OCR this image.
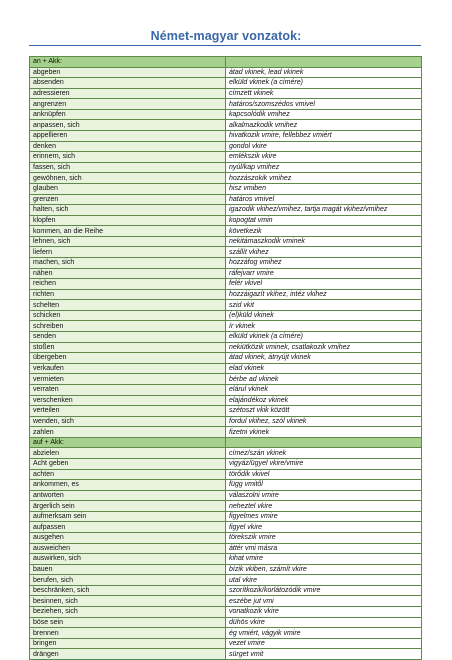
Német-magyar vonzatok:
an + Akk:	
abgeben	átad vkinek, lead vkinek
absenden	elküld vkinek (a címére)
adressieren	címzett vkinek
angrenzen	határos/szomszédos vmivel
anknüpfen	kapcsolódik vmihez
anpassen, sich	alkalmazkodik vmihez
appellieren	hivatkozik vmire, fellebbez vmiért
denken	gondol vkire
erinnern, sich	emlékszik vkire
fassen, sich	nyúl/kap vmihez
gewöhnen, sich	hozzászokik vmihez
glauben	hisz vmiben
grenzen	határos vmivel
halten, sich	igazodik vkihez/vmihez, tartja magát vkihez/vmihez
klopfen	kopogtat vmin
kommen, an die Reihe	következik
lehnen, sich	nekitámaszkodik vminek
liefern	szállít vkihez
machen, sich	hozzáfog vmihez
nähen	ráfejvarr vmire
reichen	felér vkivel
richten	hozzáigazít vkihez, intéz vkihez
schelten	szid vkit
schicken	(el)küld vkinek
schreiben	ír vkinek
senden	elküld vkinek (a címére)
stoßen	nekiütközik vminek, csatlakozik vmihez
übergeben	átad vkinek, átnyújt vkinek
verkaufen	elad vkinek
vermieten	bérbe ad vkinek
verraten	elárul vkinek
verschenken	elajándékoz vkinek
verteilen	szétoszt vkik között
wenden, sich	fordul vkihez, szól vkinek
zahlen	fizetni vkinek
auf + Akk:	
abzielen	címez/szán vkinek
Acht geben	vigyáz/ügyel vkire/vmire
achten	törődik vkivel
ankommen, es	függ vmitől
antworten	válaszolni vmire
ärgerlich sein	neheztel vkire
aufmerksam sein	figyelmes vmire
aufpassen	figyel vkire
ausgehen	törekszik vmire
ausweichen	áttér vmi másra
auswirken, sich	kihat vmire
bauen	bízik vkiben, számít vkire
berufen, sich	utal vkire
beschränken, sich	szorítkozik/korlátozódik vmire
besinnen, sich	eszébe jut vmi
beziehen, sich	vonatkozik vkire
böse sein	dühös vkire
brennen	ég vmiért, vágyik vmire
bringen	vezet vmire
drängen	sürget vmit
